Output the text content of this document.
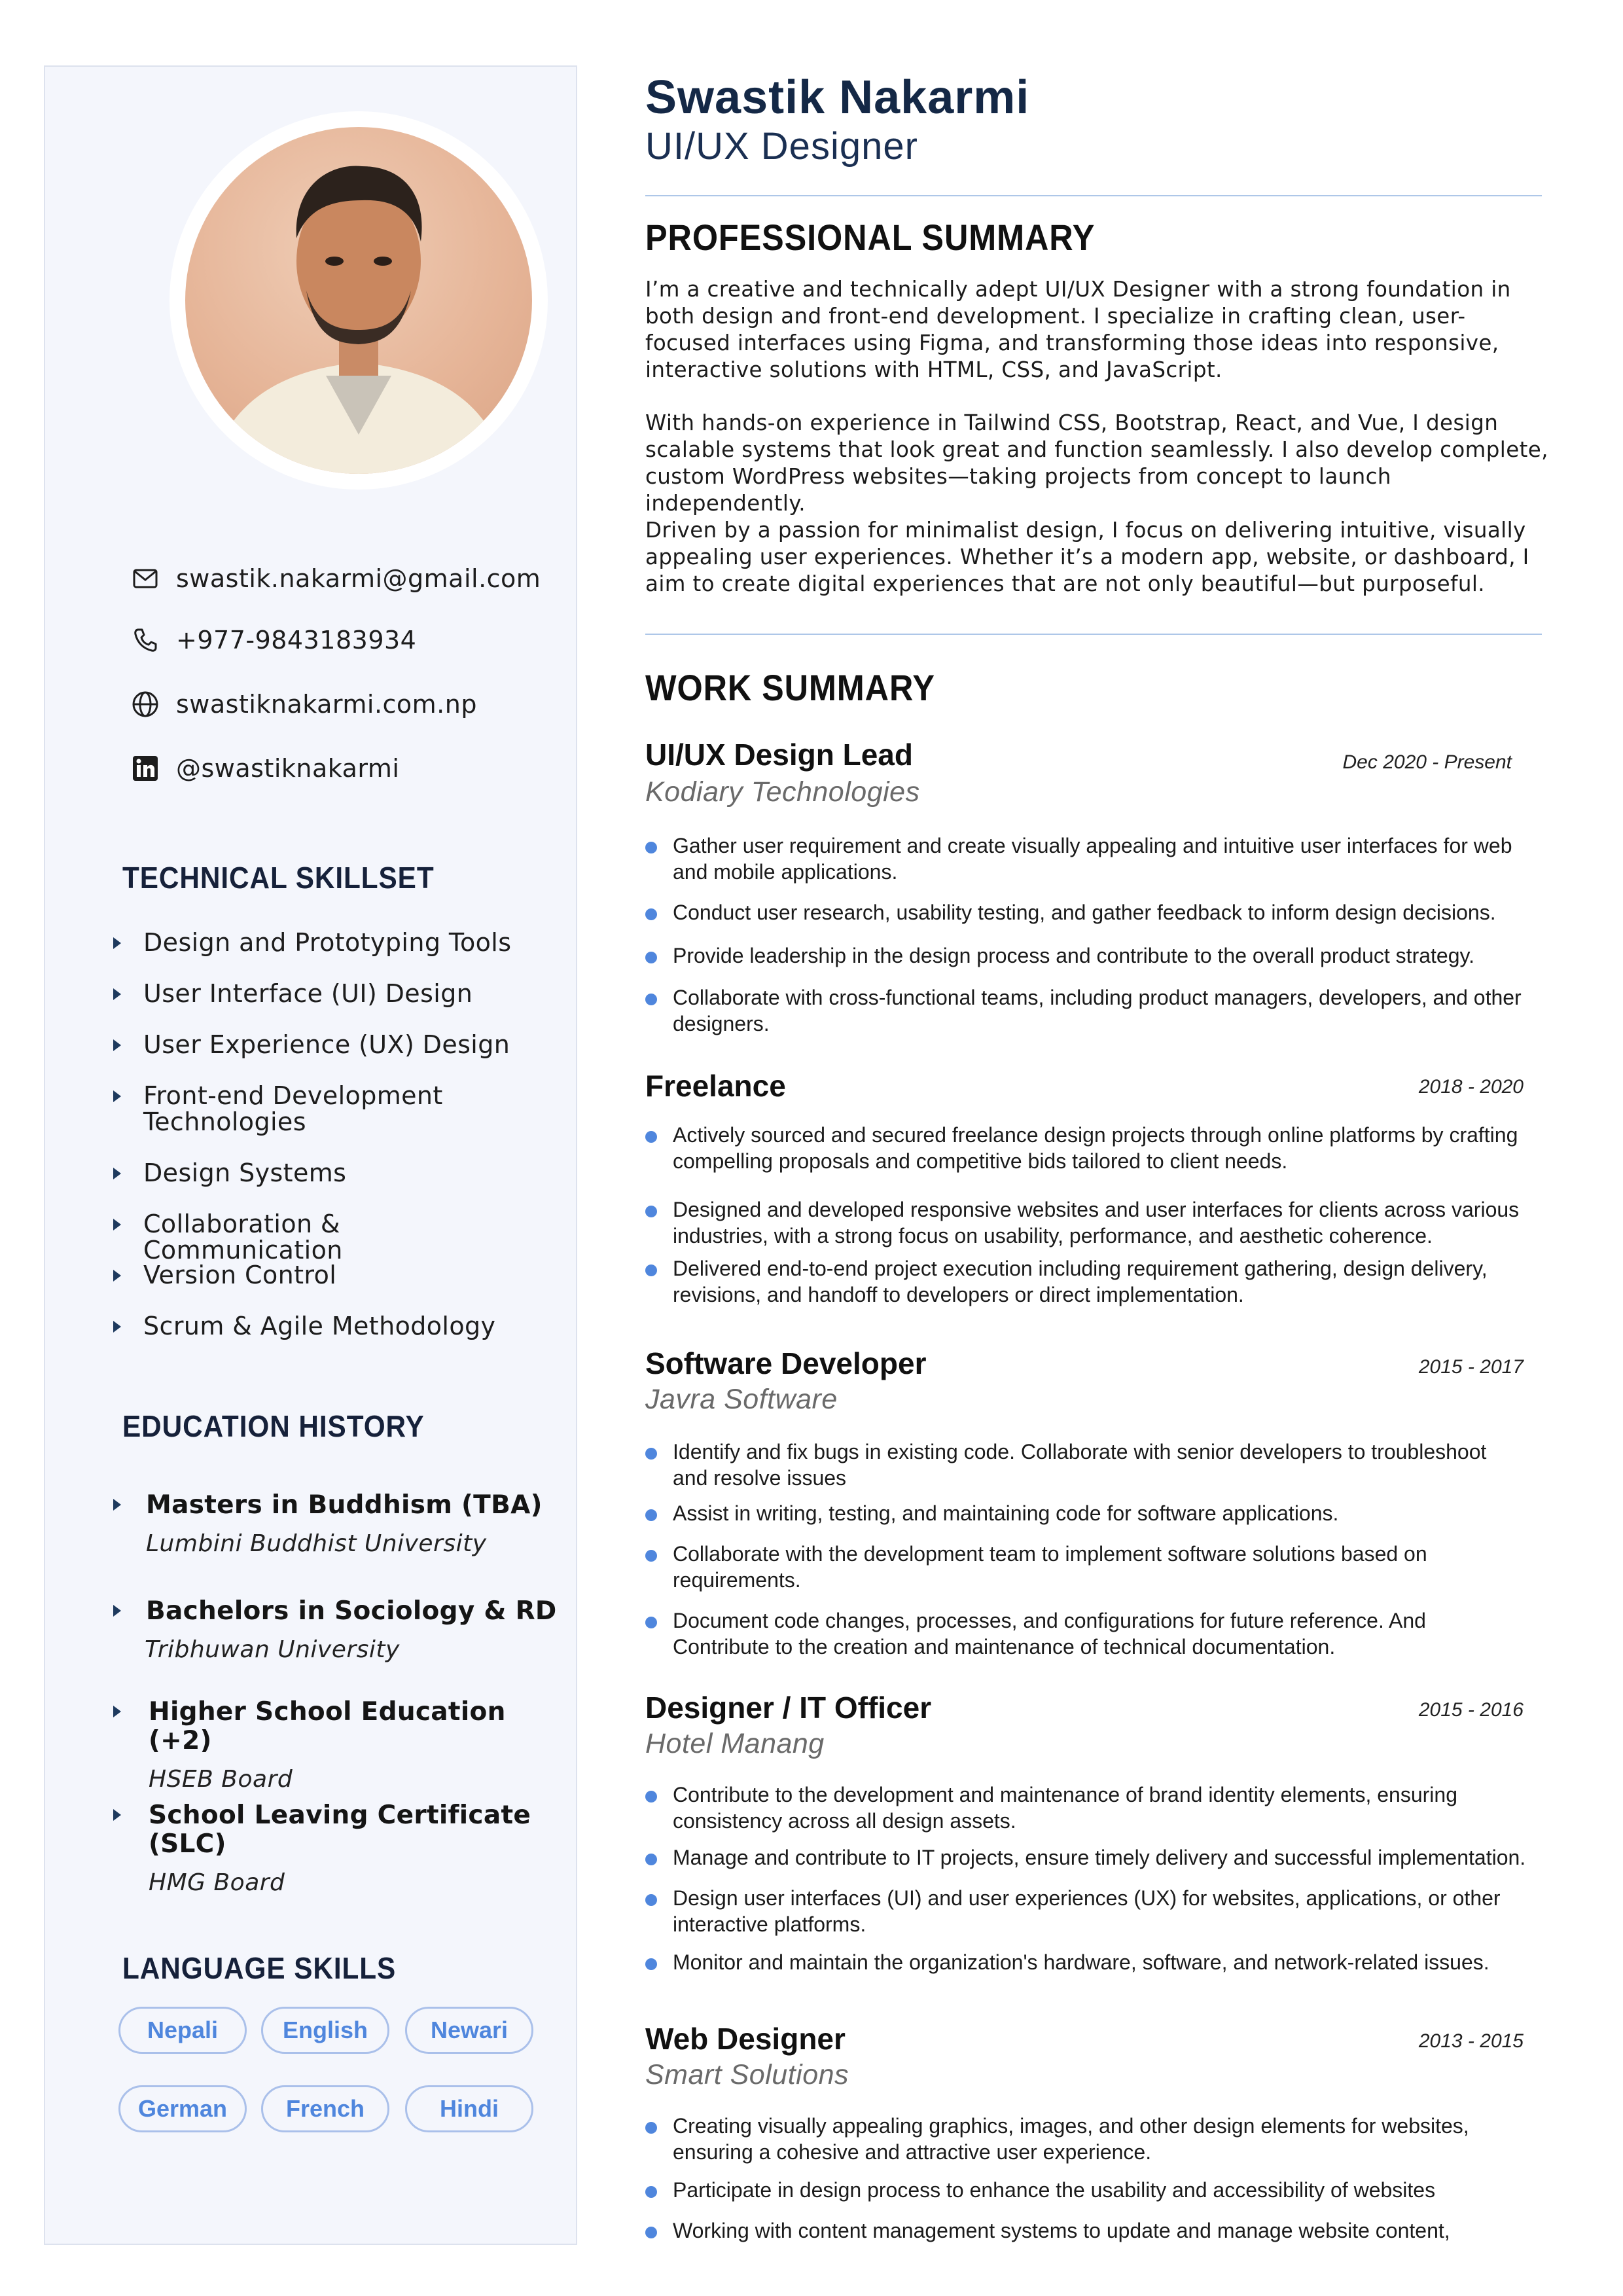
swastik.nakarmi@gmail.com
+977-9843183934
swastiknakarmi.com.np
@swastiknakarmi
TECHNICAL SKILLSET
Design and Prototyping Tools
User Interface (UI) Design
User Experience (UX) Design
Front-end Development Technologies
Design Systems
Collaboration & Communication
Version Control
Scrum & Agile Methodology
EDUCATION HISTORY
Masters in Buddhism (TBA)
Lumbini Buddhist University
Bachelors in Sociology & RD
Tribhuwan University
Higher School Education (+2)
HSEB Board
School Leaving Certificate (SLC)
HMG Board
LANGUAGE SKILLS
Nepali	English	Newari
German	French	Hindi
Swastik Nakarmi
UI/UX Designer
PROFESSIONAL SUMMARY
I’m a creative and technically adept UI/UX Designer with a strong foundation in both design and front-end development. I specialize in crafting clean, user-focused interfaces using Figma, and transforming those ideas into responsive, interactive solutions with HTML, CSS, and JavaScript.
With hands-on experience in Tailwind CSS, Bootstrap, React, and Vue, I design scalable systems that look great and function seamlessly. I also develop complete, custom WordPress websites—taking projects from concept to launch independently.
Driven by a passion for minimalist design, I focus on delivering intuitive, visually appealing user experiences. Whether it’s a modern app, website, or dashboard, I aim to create digital experiences that are not only beautiful—but purposeful.
WORK SUMMARY
UI/UX Design Lead	Dec 2020 - Present
Kodiary Technologies
Gather user requirement and create visually appealing and intuitive user interfaces for web and mobile applications.
Conduct user research, usability testing, and gather feedback to inform design decisions.
Provide leadership in the design process and contribute to the overall product strategy.
Collaborate with cross-functional teams, including product managers, developers, and other designers.
Freelance	2018 - 2020
Actively sourced and secured freelance design projects through online platforms by crafting compelling proposals and competitive bids tailored to client needs.
Designed and developed responsive websites and user interfaces for clients across various industries, with a strong focus on usability, performance, and aesthetic coherence.
Delivered end-to-end project execution including requirement gathering, design delivery, revisions, and handoff to developers or direct implementation.
Software Developer	2015 - 2017
Javra Software
Identify and fix bugs in existing code. Collaborate with senior developers to troubleshoot and resolve issues
Assist in writing, testing, and maintaining code for software applications.
Collaborate with the development team to implement software solutions based on requirements.
Document code changes, processes, and configurations for future reference. And Contribute to the creation and maintenance of technical documentation.
Designer / IT Officer	2015 - 2016
Hotel Manang
Contribute to the development and maintenance of brand identity elements, ensuring consistency across all design assets.
Manage and contribute to IT projects, ensure timely delivery and successful implementation.
Design user interfaces (UI) and user experiences (UX) for websites, applications, or other interactive platforms.
Monitor and maintain the organization's hardware, software, and network-related issues.
Web Designer	2013 - 2015
Smart Solutions
Creating visually appealing graphics, images, and other design elements for websites, ensuring a cohesive and attractive user experience.
Participate in design process to enhance the usability and accessibility of websites
Working with content management systems to update and manage website content,
